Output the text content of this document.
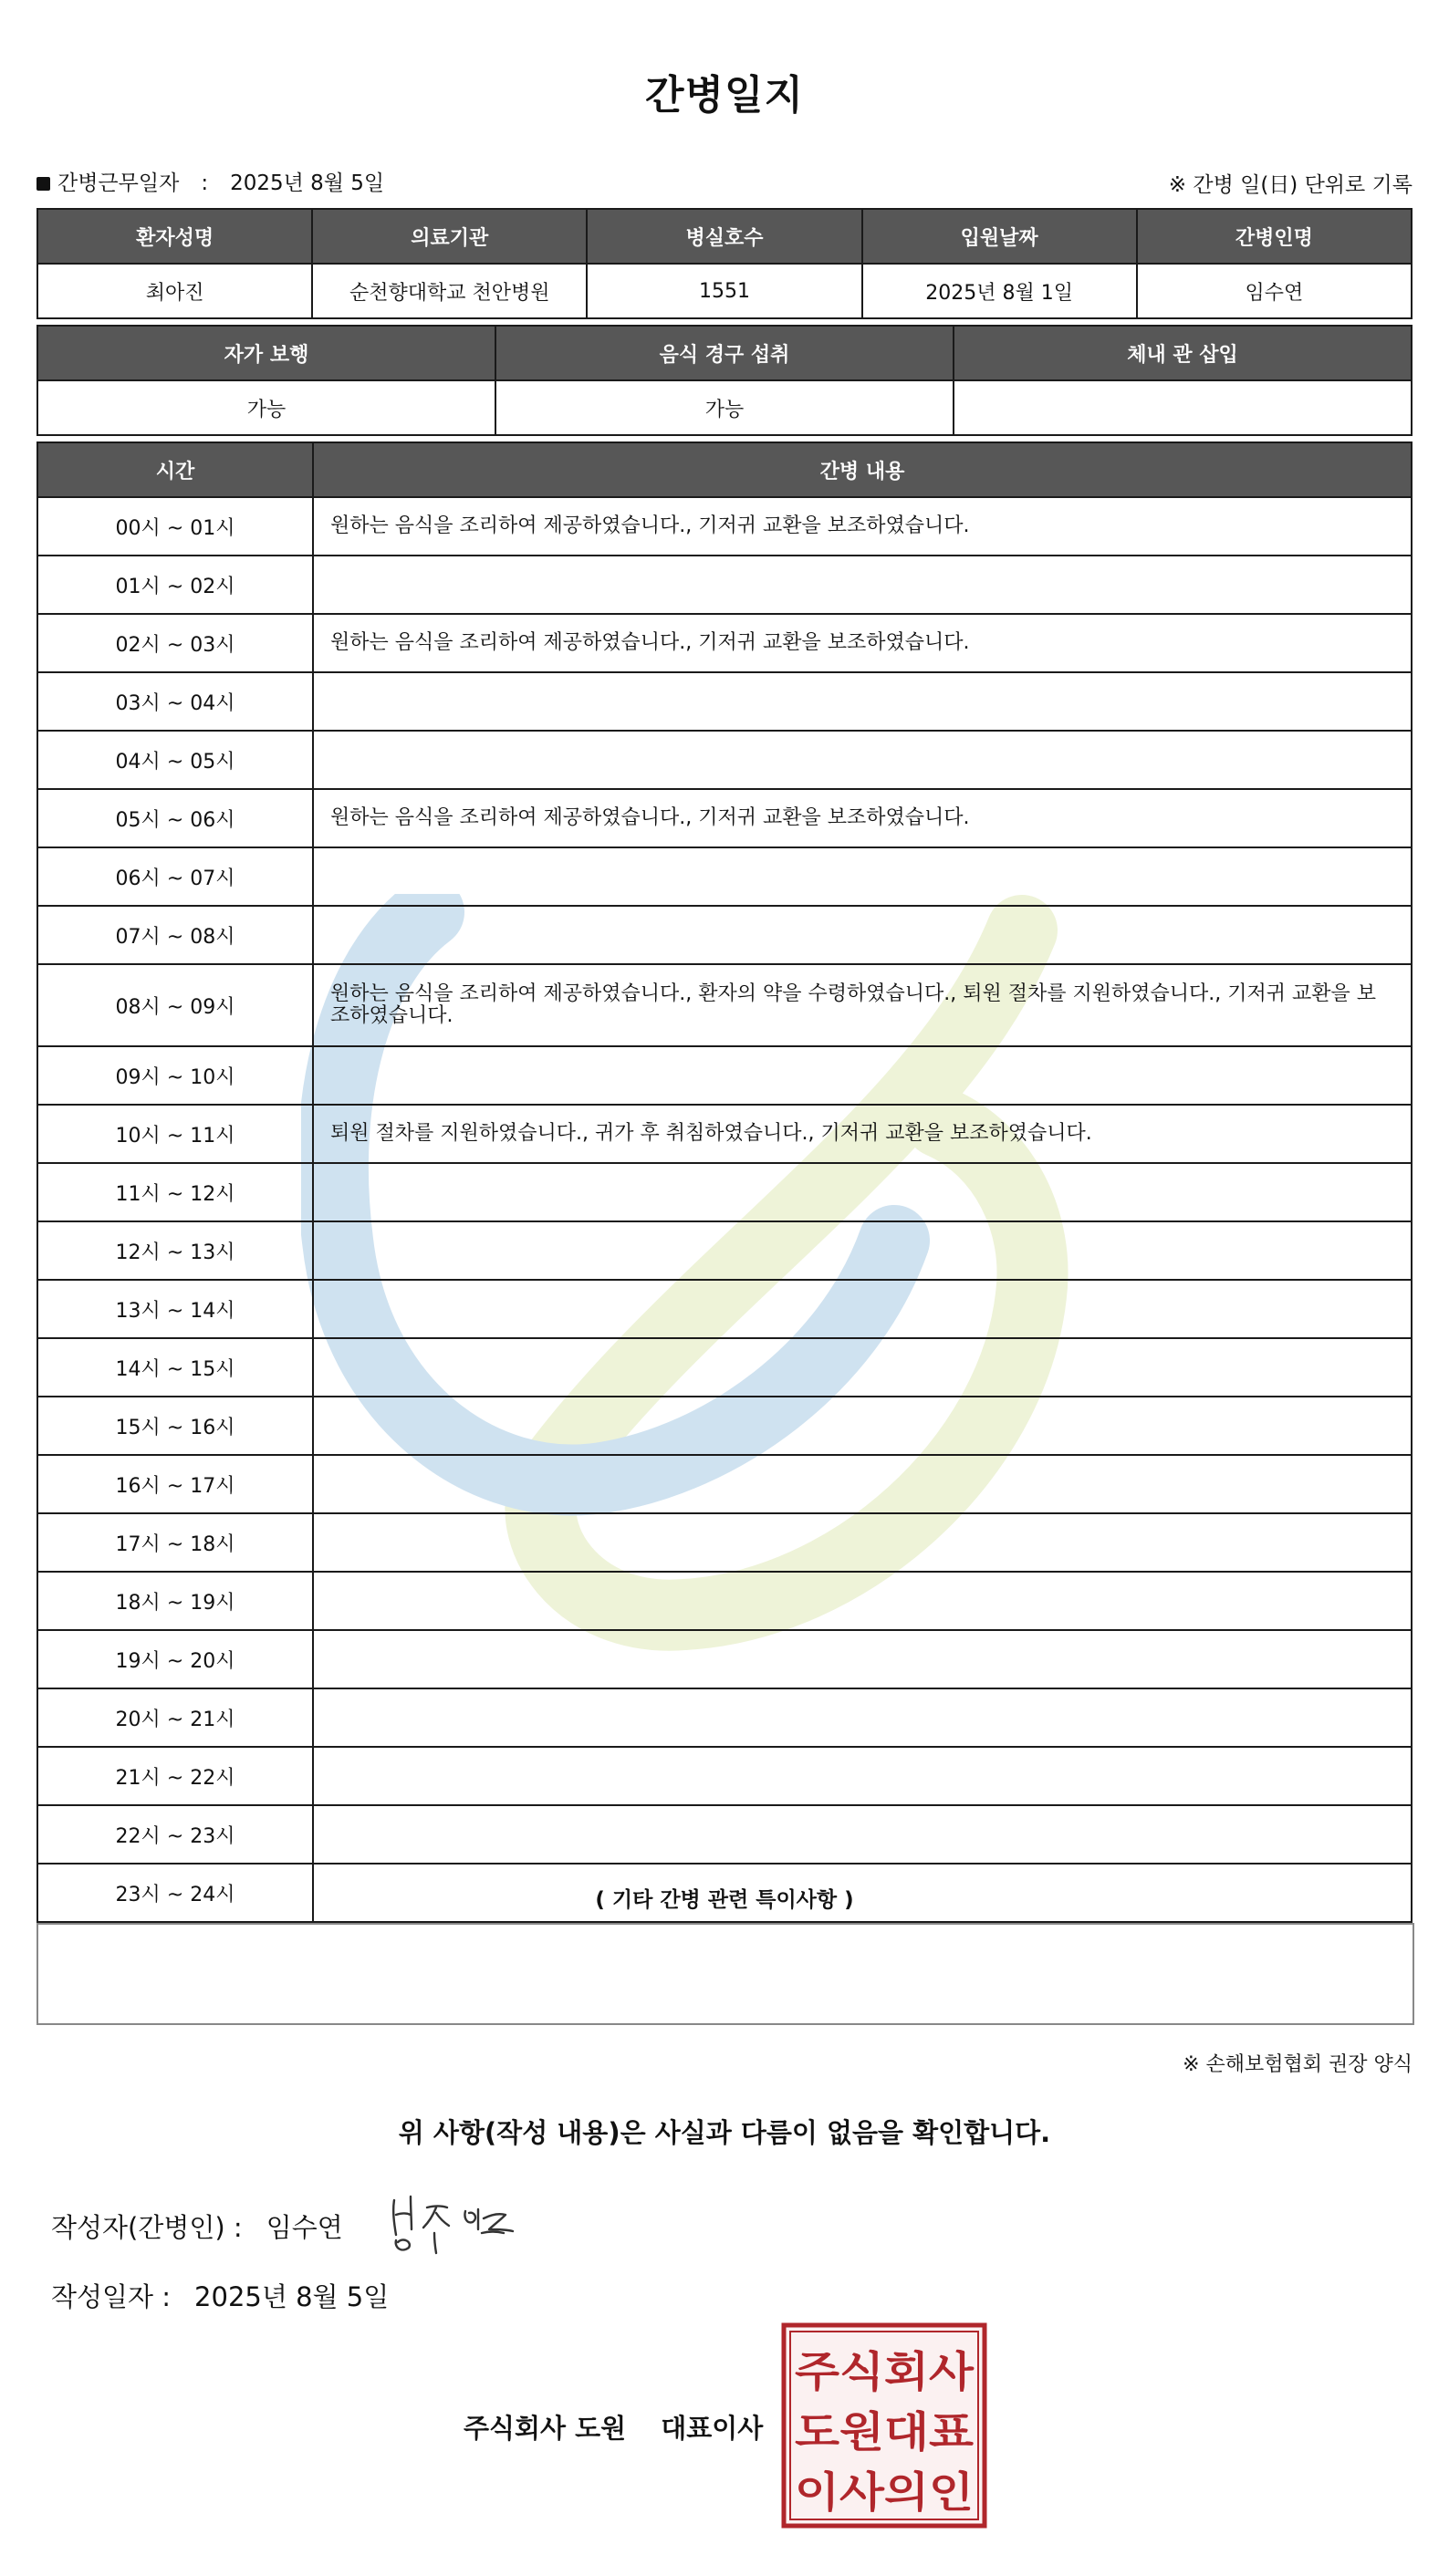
간병일지
간병근무일자 : 2025년 8월 5일	※ 간병 일(日) 단위로 기록
환자성명	의료기관	병실호수	입원날짜	간병인명
최아진	순천향대학교 천안병원	1551	2025년 8월 1일	임수연
자가 보행	음식 경구 섭취	체내 관 삽입
가능	가능	
시간	간병 내용
00시 ~ 01시	원하는 음식을 조리하여 제공하였습니다., 기저귀 교환을 보조하였습니다.
01시 ~ 02시	
02시 ~ 03시	원하는 음식을 조리하여 제공하였습니다., 기저귀 교환을 보조하였습니다.
03시 ~ 04시	
04시 ~ 05시	
05시 ~ 06시	원하는 음식을 조리하여 제공하였습니다., 기저귀 교환을 보조하였습니다.
06시 ~ 07시	
07시 ~ 08시	
08시 ~ 09시	원하는 음식을 조리하여 제공하였습니다., 환자의 약을 수령하였습니다., 퇴원 절차를 지원하였습니다., 기저귀 교환을 보조하였습니다.
09시 ~ 10시	
10시 ~ 11시	퇴원 절차를 지원하였습니다., 귀가 후 취침하였습니다., 기저귀 교환을 보조하였습니다.
11시 ~ 12시	
12시 ~ 13시	
13시 ~ 14시	
14시 ~ 15시	
15시 ~ 16시	
16시 ~ 17시	
17시 ~ 18시	
18시 ~ 19시	
19시 ~ 20시	
20시 ~ 21시	
21시 ~ 22시	
22시 ~ 23시	
23시 ~ 24시		( 기타 간병 관련 특이사항 )
※ 손해보험협회 권장 양식
위 사항(작성 내용)은 사실과 다름이 없음을 확인합니다.
작성자(간병인) : 임수연
작성일자 : 2025년 8월 5일
주식회사 도원 대표이사
주식회사
도원대표
이사의인
